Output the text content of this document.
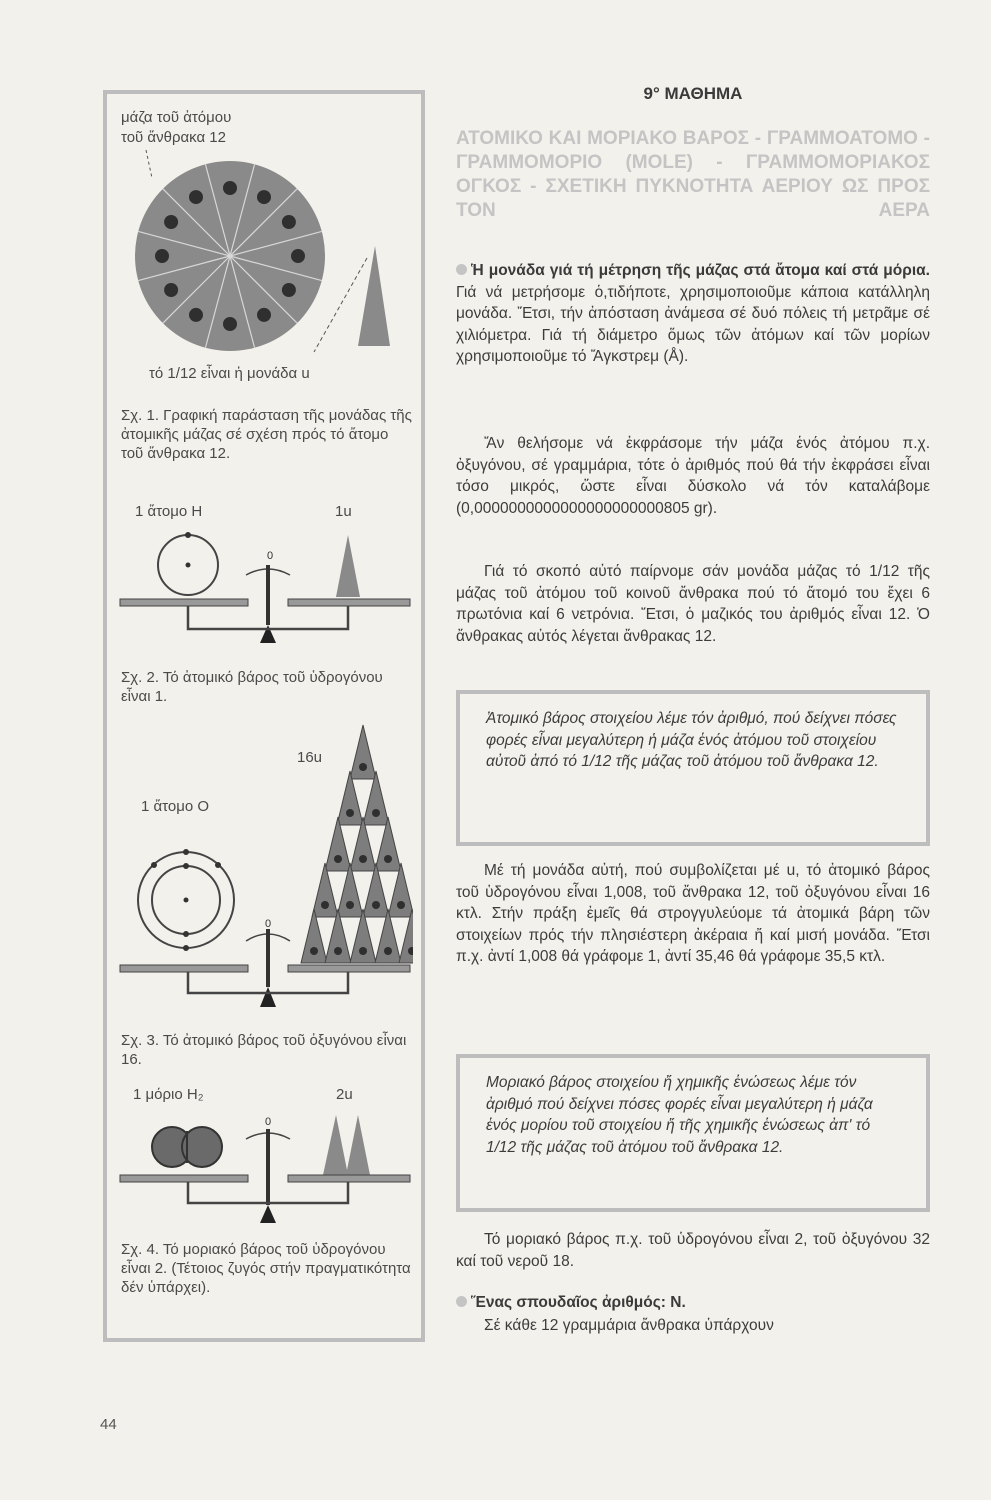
μάζα τοῦ ἀτόμου
τοῦ ἄνθρακα 12
τό 1/12 εἶναι ἡ μονάδα u
Σχ. 1. Γραφική παράσταση τῆς μονάδας τῆς ἀτομικῆς μάζας σέ σχέση πρός τό ἄτομο τοῦ ἄνθρακα 12.
1 ἄτομο Η	1u
0
Σχ. 2. Τό ἀτομικό βάρος τοῦ ὑδρογόνου εἶναι 1.
16u
1 ἄτομο Ο
0
Σχ. 3. Τό ἀτομικό βάρος τοῦ ὀξυγόνου εἶναι 16.
1 μόριο H₂	2u
0
Σχ. 4. Τό μοριακό βάρος τοῦ ὑδρογόνου εἶναι 2. (Τέτοιος ζυγός στήν πραγματικότητα δέν ὑπάρχει).
9° ΜΑΘΗΜΑ
ΑΤΟΜΙΚΟ ΚΑΙ ΜΟΡΙΑΚΟ ΒΑΡΟΣ - ΓΡΑΜΜΟΑΤΟΜΟ - ΓΡΑΜΜΟΜΟΡΙΟ (MOLE) - ΓΡΑΜΜΟΜΟΡΙΑΚΟΣ ΟΓΚΟΣ - ΣΧΕΤΙΚΗ ΠΥΚΝΟΤΗΤΑ ΑΕΡΙΟΥ ΩΣ ΠΡΟΣ ΤΟΝ ΑΕΡΑ
Ἡ μονάδα γιά τή μέτρηση τῆς μάζας στά ἄτομα καί στά μόρια. Γιά νά μετρήσομε ὁ,τιδήποτε, χρησιμοποιοῦμε κάποια κατάλληλη μονάδα. Ἔτσι, τήν ἀπόσταση ἀνάμεσα σέ δυό πόλεις τή μετρᾶμε σέ χιλιόμετρα. Γιά τή διάμετρο ὅμως τῶν ἀτόμων καί τῶν μορίων χρησιμοποιοῦμε τό Ἄγκστρεμ (Å).
Ἄν θελήσομε νά ἐκφράσομε τήν μάζα ἑνός ἀτόμου π.χ. ὀξυγόνου, σέ γραμμάρια, τότε ὁ ἀριθμός πού θά τήν ἐκφράσει εἶναι τόσο μικρός, ὥστε εἶναι δύσκολο νά τόν καταλάβομε (0,0000000000000000000000805 gr).
Γιά τό σκοπό αὐτό παίρνομε σάν μονάδα μάζας τό 1/12 τῆς μάζας τοῦ ἀτόμου τοῦ κοινοῦ ἄνθρακα πού τό ἄτομό του ἔχει 6 πρωτόνια καί 6 νετρόνια. Ἔτσι, ὁ μαζικός του ἀριθμός εἶναι 12. Ὁ ἄνθρακας αὐτός λέγεται ἄνθρακας 12.
Ἀτομικό βάρος στοιχείου λέμε τόν ἀριθμό, πού δείχνει πόσες φορές εἶναι μεγαλύτερη ἡ μάζα ἑνός ἀτόμου τοῦ στοιχείου αὐτοῦ ἀπό τό 1/12 τῆς μάζας τοῦ ἀτόμου τοῦ ἄνθρακα 12.
Μέ τή μονάδα αὐτή, πού συμβολίζεται μέ u, τό ἀτομικό βάρος τοῦ ὑδρογόνου εἶναι 1,008, τοῦ ἄνθρακα 12, τοῦ ὀξυγόνου εἶναι 16 κτλ. Στήν πράξη ἐμεῖς θά στρογγυλεύομε τά ἀτομικά βάρη τῶν στοιχείων πρός τήν πλησιέστερη ἀκέραια ἤ καί μισή μονάδα. Ἔτσι π.χ. ἀντί 1,008 θά γράφομε 1, ἀντί 35,46 θά γράφομε 35,5 κτλ.
Μοριακό βάρος στοιχείου ἤ χημικῆς ἑνώσεως λέμε τόν ἀριθμό πού δείχνει πόσες φορές εἶναι μεγαλύτερη ἡ μάζα ἑνός μορίου τοῦ στοιχείου ἤ τῆς χημικῆς ἑνώσεως ἀπ' τό 1/12 τῆς μάζας τοῦ ἀτόμου τοῦ ἄνθρακα 12.
Τό μοριακό βάρος π.χ. τοῦ ὑδρογόνου εἶναι 2, τοῦ ὀξυγόνου 32 καί τοῦ νεροῦ 18.
Ἕνας σπουδαῖος ἀριθμός: Ν.
Σέ κάθε 12 γραμμάρια ἄνθρακα ὑπάρχουν
44
